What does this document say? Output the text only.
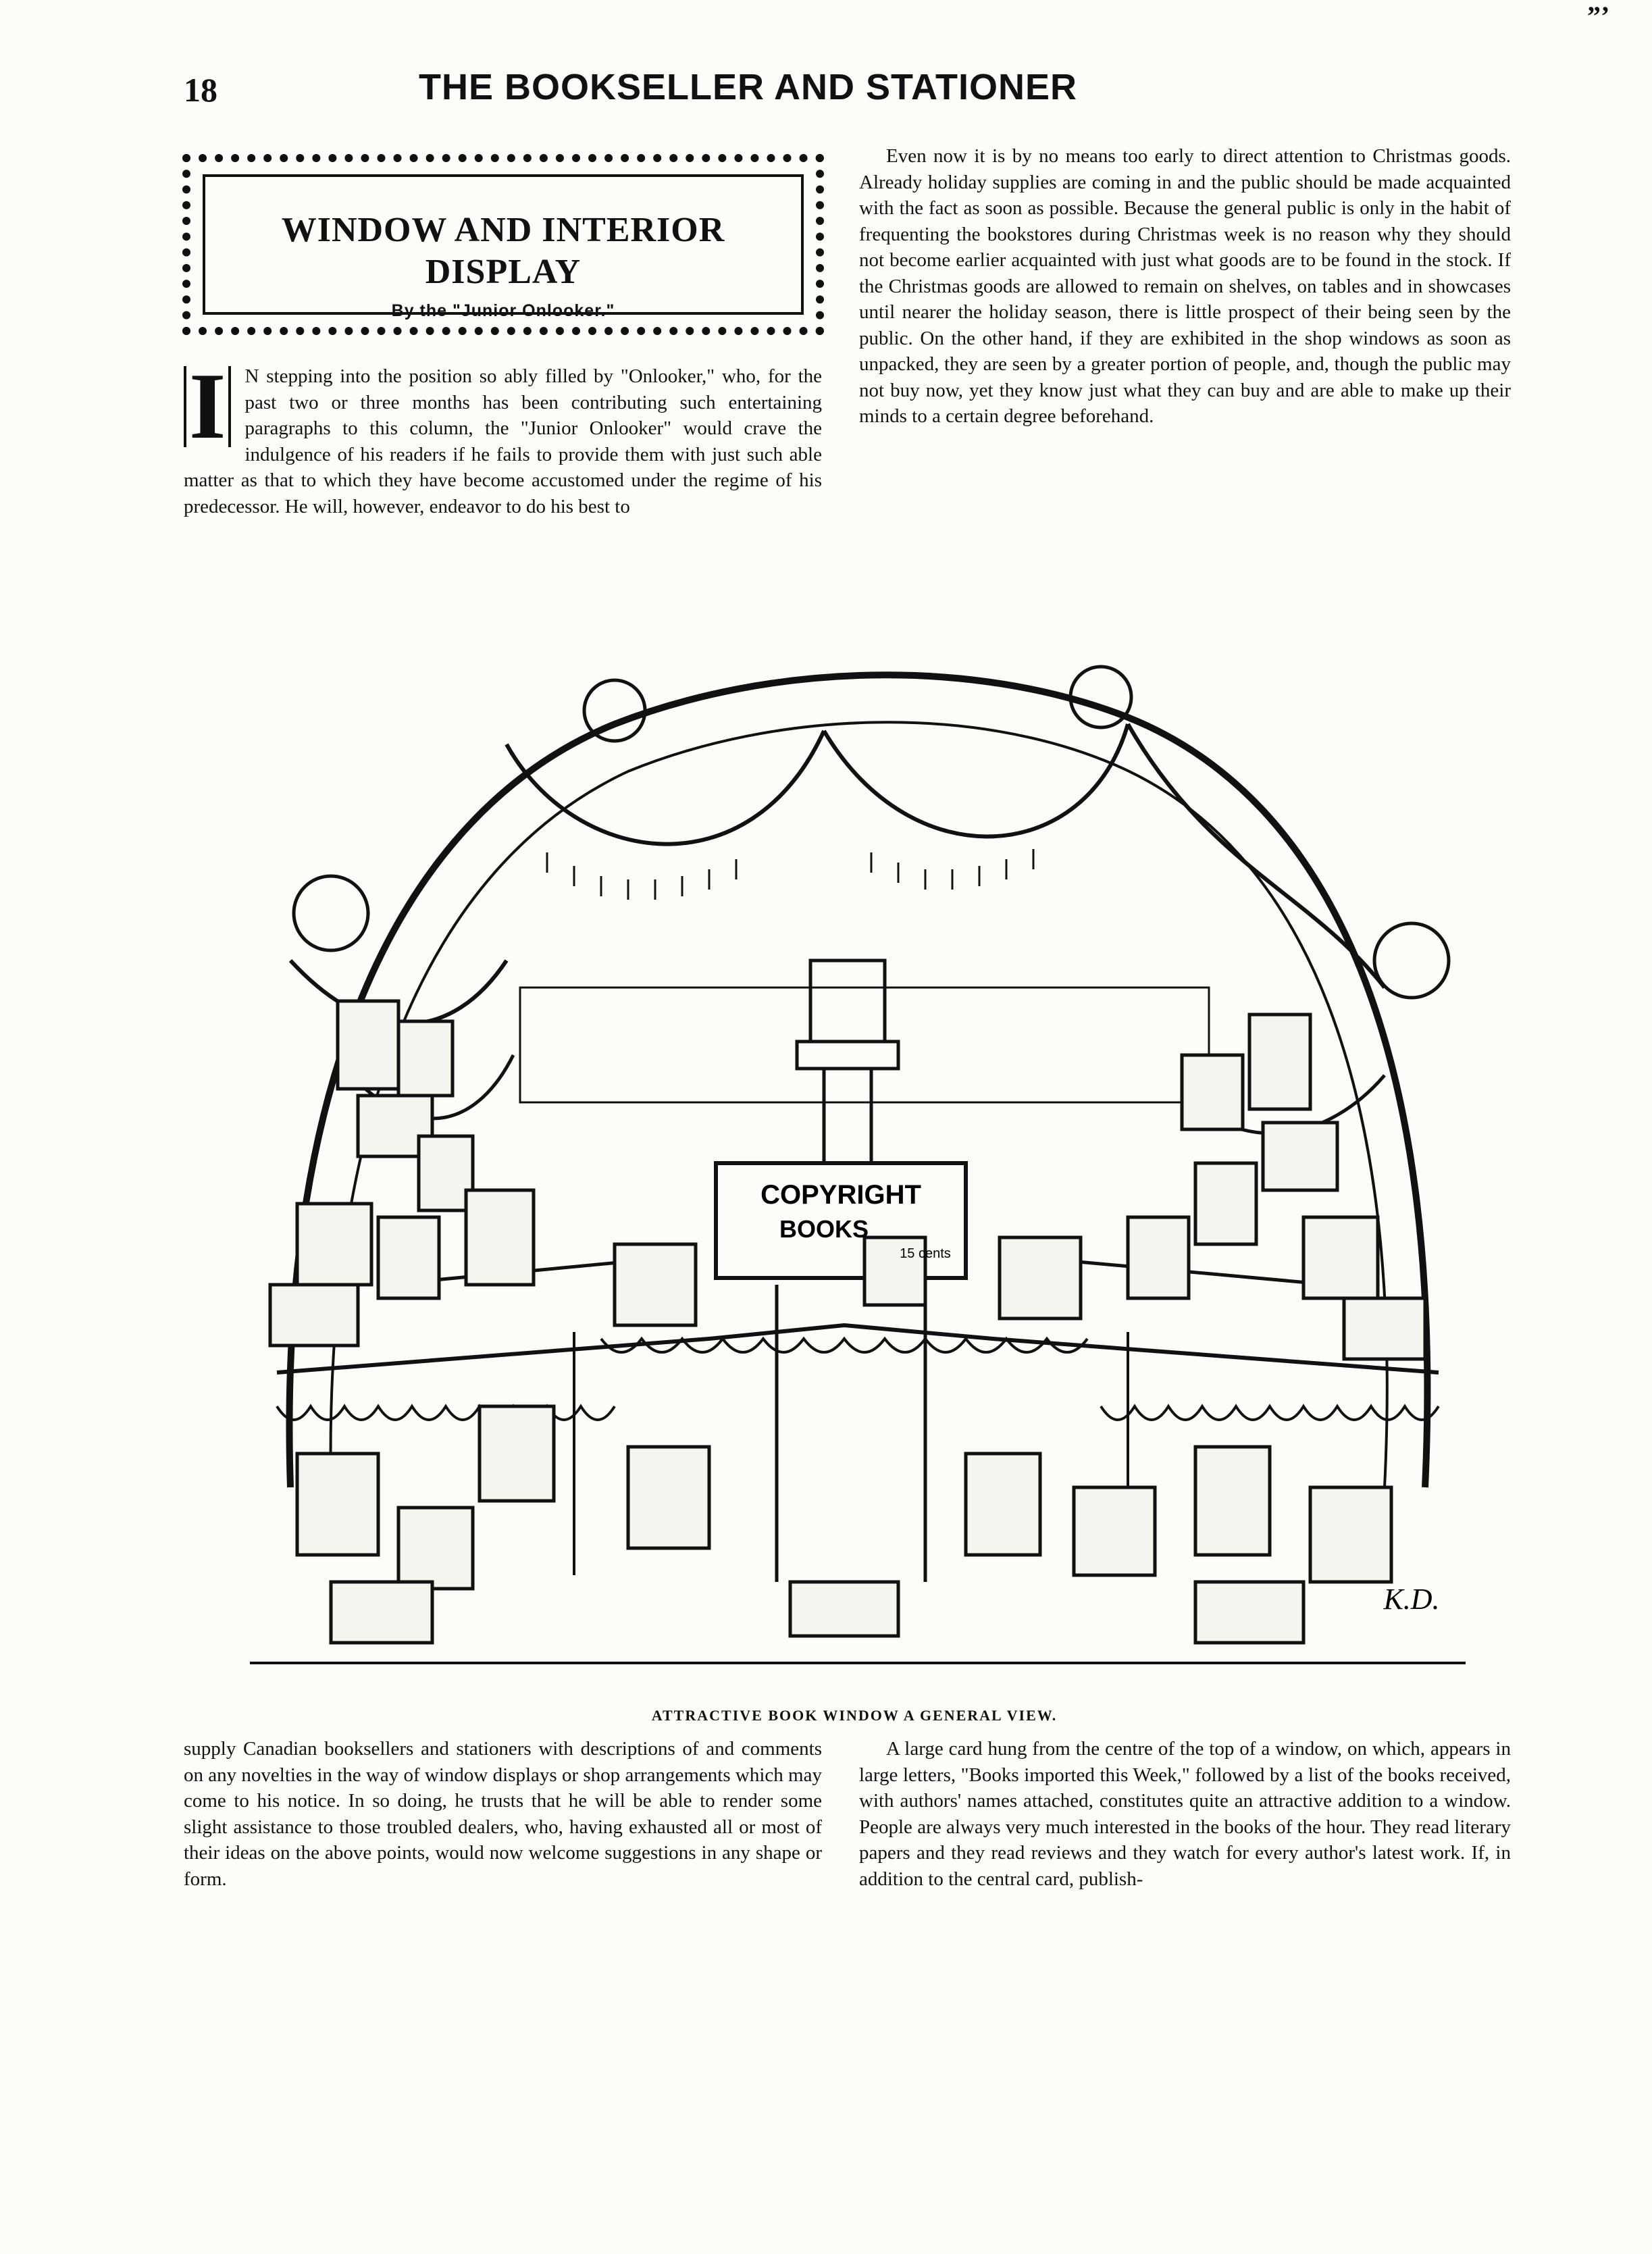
”’
18	THE BOOKSELLER AND STATIONER
WINDOW AND INTERIOR
DISPLAY
By the "Junior Onlooker."
I N stepping into the position so ably filled by "Onlooker," who, for the past two or three months has been contributing such entertaining paragraphs to this column, the "Junior Onlooker" would crave the indulgence of his readers if he fails to provide them with just such able matter as that to which they have become accustomed under the regime of his predecessor. He will, however, endeavor to do his best to
Even now it is by no means too early to direct attention to Christmas goods. Already holiday supplies are coming in and the public should be made acquainted with the fact as soon as possible. Because the general public is only in the habit of frequenting the bookstores during Christmas week is no reason why they should not become earlier acquainted with just what goods are to be found in the stock. If the Christmas goods are allowed to remain on shelves, on tables and in showcases until nearer the holiday season, there is little prospect of their being seen by the public. On the other hand, if they are exhibited in the shop windows as soon as unpacked, they are seen by a greater portion of people, and, though the public may not buy now, yet they know just what they can buy and are able to make up their minds to a certain degree beforehand.
COPYRIGHT
BOOKS
15 cents
K.D.
ATTRACTIVE BOOK WINDOW A GENERAL VIEW.
supply Canadian booksellers and stationers with descriptions of and comments on any novelties in the way of window displays or shop arrangements which may come to his notice. In so doing, he trusts that he will be able to render some slight assistance to those troubled dealers, who, having exhausted all or most of their ideas on the above points, would now welcome suggestions in any shape or form.
A large card hung from the centre of the top of a window, on which, appears in large letters, "Books imported this Week," followed by a list of the books received, with authors' names attached, constitutes quite an attractive addition to a window. People are always very much interested in the books of the hour. They read literary papers and they read reviews and they watch for every author's latest work. If, in addition to the central card, publish-
